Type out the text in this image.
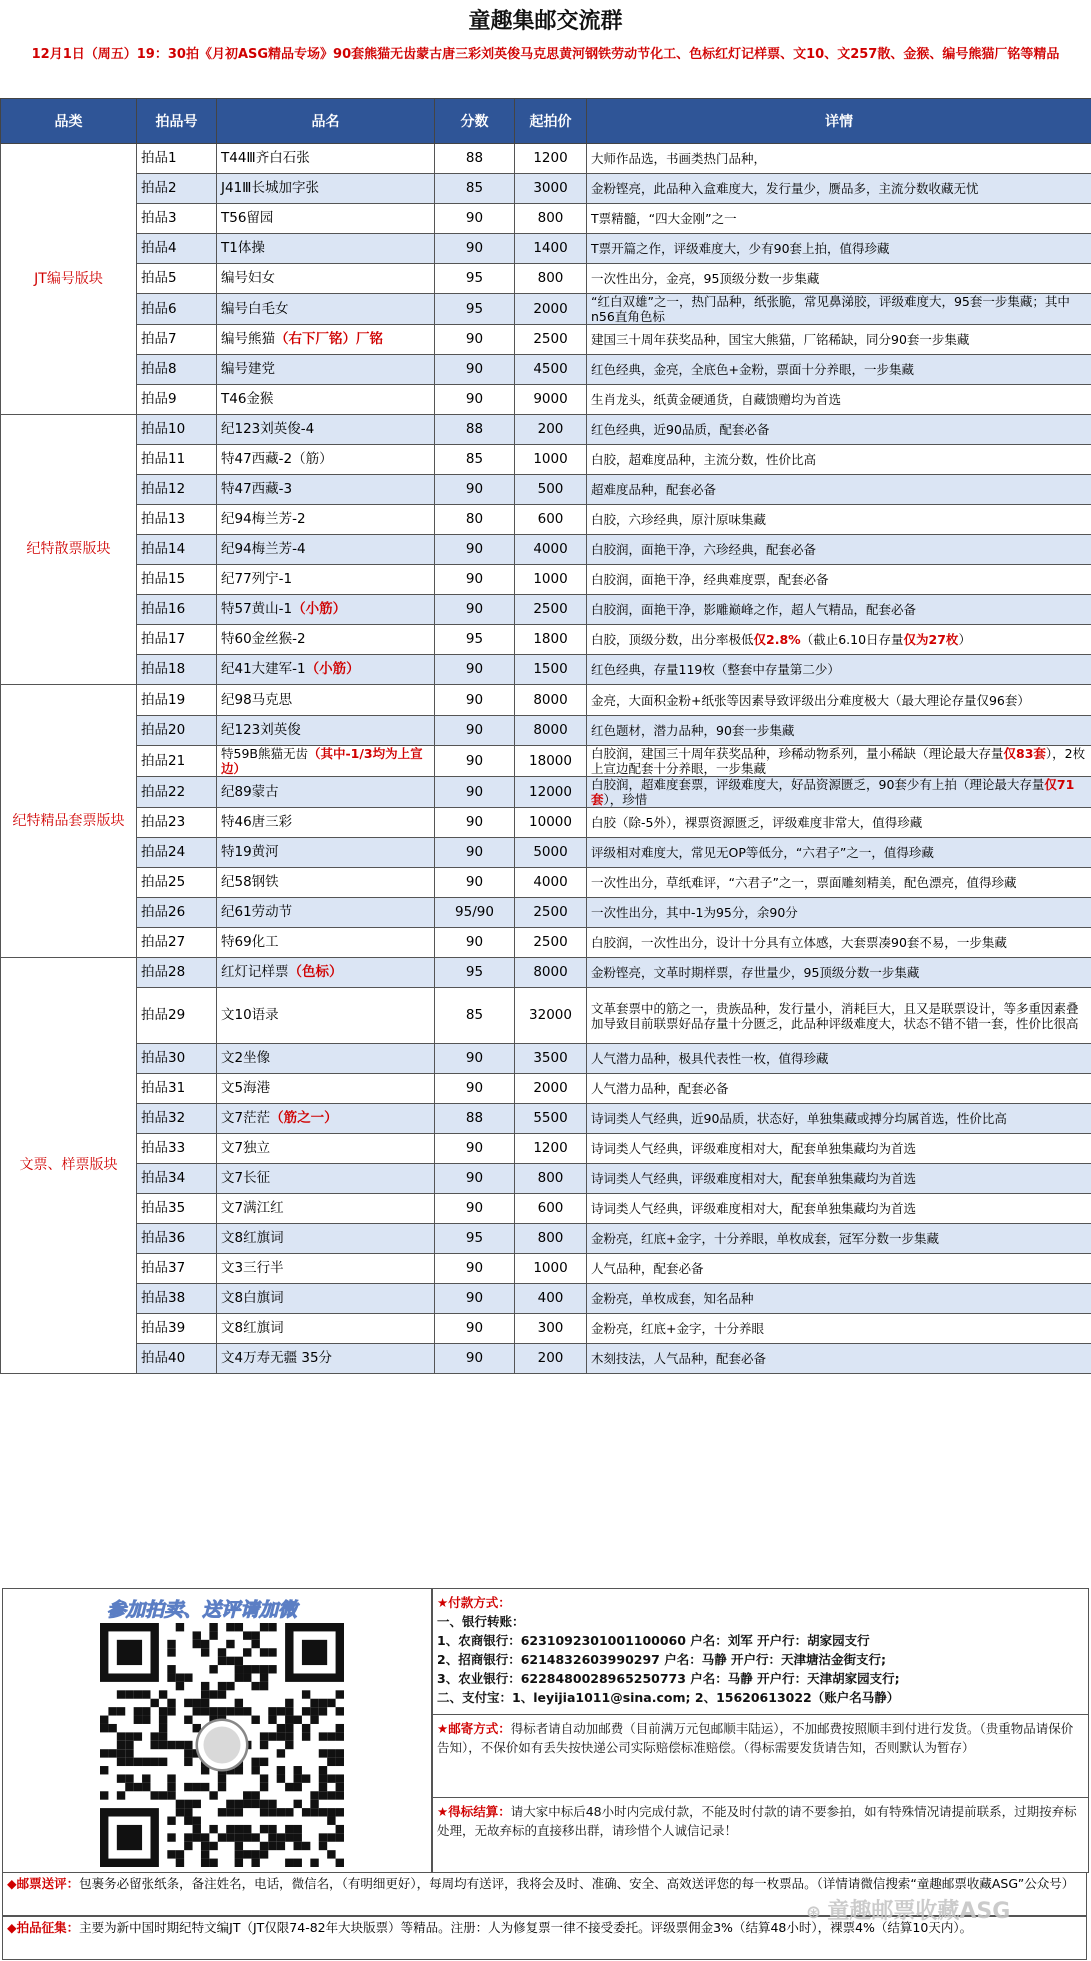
童趣集邮交流群
12月1日（周五）19：30拍《月初ASG精品专场》90套熊猫无齿蒙古唐三彩刘英俊马克思黄河钢铁劳动节化工、色标红灯记样票、文10、文257散、金猴、编号熊猫厂铭等精品
品类	拍品号	品名	分数	起拍价	详情
JT编号版块	拍品1	T44Ⅲ齐白石张	88	1200	大师作品选，书画类热门品种，
	拍品2	J41Ⅲ长城加字张	85	3000	金粉铿亮，此品种入盒难度大，发行量少，赝品多，主流分数收藏无忧
	拍品3	T56留园	90	800	T票精髓，“四大金刚”之一
	拍品4	T1体操	90	1400	T票开篇之作，评级难度大，少有90套上拍，值得珍藏
	拍品5	编号妇女	95	800	一次性出分，金亮，95顶级分数一步集藏
	拍品6	编号白毛女	95	2000	“红白双雄”之一，热门品种，纸张脆，常见鼻涕胶，评级难度大，95套一步集藏；其中n56直角色标
	拍品7	编号熊猫（右下厂铭）厂铭	90	2500	建国三十周年获奖品种，国宝大熊猫，厂铭稀缺，同分90套一步集藏
	拍品8	编号建党	90	4500	红色经典，金亮，全底色+金粉，票面十分养眼，一步集藏
	拍品9	T46金猴	90	9000	生肖龙头，纸黄金硬通货，自藏馈赠均为首选
纪特散票版块	拍品10	纪123刘英俊-4	88	200	红色经典，近90品质，配套必备
	拍品11	特47西藏-2（筋）	85	1000	白胶，超难度品种，主流分数，性价比高
	拍品12	特47西藏-3	90	500	超难度品种，配套必备
	拍品13	纪94梅兰芳-2	80	600	白胶，六珍经典，原汁原味集藏
	拍品14	纪94梅兰芳-4	90	4000	白胶润，面艳干净，六珍经典，配套必备
	拍品15	纪77列宁-1	90	1000	白胶润，面艳干净，经典难度票，配套必备
	拍品16	特57黄山-1（小筋）	90	2500	白胶润，面艳干净，影雕巅峰之作，超人气精品，配套必备
	拍品17	特60金丝猴-2	95	1800	白胶，顶级分数，出分率极低仅2.8%（截止6.10日存量仅为27枚）
	拍品18	纪41大建军-1（小筋）	90	1500	红色经典，存量119枚（整套中存量第二少）
纪特精品套票版块	拍品19	纪98马克思	90	8000	金亮，大面积金粉+纸张等因素导致评级出分难度极大（最大理论存量仅96套）
	拍品20	纪123刘英俊	90	8000	红色题材，潜力品种，90套一步集藏
	拍品21	特59B熊猫无齿（其中-1/3均为上宣边）	90	18000	白胶润，建国三十周年获奖品种，珍稀动物系列，量小稀缺（理论最大存量仅83套），2枚上宣边配套十分养眼，一步集藏
	拍品22	纪89蒙古	90	12000	白胶润，超难度套票，评级难度大，好品资源匮乏，90套少有上拍（理论最大存量仅71套），珍惜
	拍品23	特46唐三彩	90	10000	白胶（除-5外），裸票资源匮乏，评级难度非常大，值得珍藏
	拍品24	特19黄河	90	5000	评级相对难度大，常见无OP等低分，“六君子”之一，值得珍藏
	拍品25	纪58钢铁	90	4000	一次性出分，草纸难评，“六君子”之一，票面雕刻精美，配色漂亮，值得珍藏
	拍品26	纪61劳动节	95/90	2500	一次性出分，其中-1为95分，余90分
	拍品27	特69化工	90	2500	白胶润，一次性出分，设计十分具有立体感，大套票凑90套不易，一步集藏
文票、样票版块	拍品28	红灯记样票（色标）	95	8000	金粉铿亮，文革时期样票，存世量少，95顶级分数一步集藏
	拍品29	文10语录	85	32000	文革套票中的筋之一，贵族品种，发行量小，消耗巨大，且又是联票设计，等多重因素叠加导致目前联票好品存量十分匮乏，此品种评级难度大，状态不错不错一套，性价比很高
	拍品30	文2坐像	90	3500	人气潜力品种，极具代表性一枚，值得珍藏
	拍品31	文5海港	90	2000	人气潜力品种，配套必备
	拍品32	文7茫茫（筋之一）	88	5500	诗词类人气经典，近90品质，状态好，单独集藏或搏分均属首选，性价比高
	拍品33	文7独立	90	1200	诗词类人气经典，评级难度相对大，配套单独集藏均为首选
	拍品34	文7长征	90	800	诗词类人气经典，评级难度相对大，配套单独集藏均为首选
	拍品35	文7满江红	90	600	诗词类人气经典，评级难度相对大，配套单独集藏均为首选
	拍品36	文8红旗词	95	800	金粉亮，红底+金字，十分养眼，单枚成套，冠军分数一步集藏
	拍品37	文3三行半	90	1000	人气品种，配套必备
	拍品38	文8白旗词	90	400	金粉亮，单枚成套，知名品种
	拍品39	文8红旗词	90	300	金粉亮，红底+金字，十分养眼
	拍品40	文4万寿无疆 35分	90	200	木刻技法，人气品种，配套必备
参加拍卖、送评请加微	★付款方式：
一、银行转账：
1、农商银行：6231092301001100060 户名：刘军 开户行：胡家园支行
2、招商银行：6214832603990297 户名：马静 开户行：天津塘沽金街支行;
3、农业银行：6228480028965250773 户名：马静 开户行：天津胡家园支行;
二、支付宝：1、leyijia1011@sina.com; 2、15620613022（账户名马静）
★邮寄方式：得标者请自动加邮费（目前满万元包邮顺丰陆运），不加邮费按照顺丰到付进行发货。（贵重物品请保价告知），不保价如有丢失按快递公司实际赔偿标准赔偿。（得标需要发货请告知，否则默认为暂存）
★得标结算：请大家中标后48小时内完成付款，不能及时付款的请不要参拍，如有特殊情况请提前联系，过期按弃标处理，无故弃标的直接移出群，请珍惜个人诚信记录！
◆邮票送评：包裹务必留张纸条，备注姓名，电话，微信名，（有明细更好），每周均有送评，我将会及时、准确、安全、高效送评您的每一枚票品。（详情请微信搜索“童趣邮票收藏ASG”公众号）
◆拍品征集：主要为新中国时期纪特文编JT（JT仅限74-82年大块版票）等精品。注册：人为修复票一律不接受委托。评级票佣金3%（结算48小时），裸票4%（结算10天内）。
⊛ 童趣邮票收藏ASG
